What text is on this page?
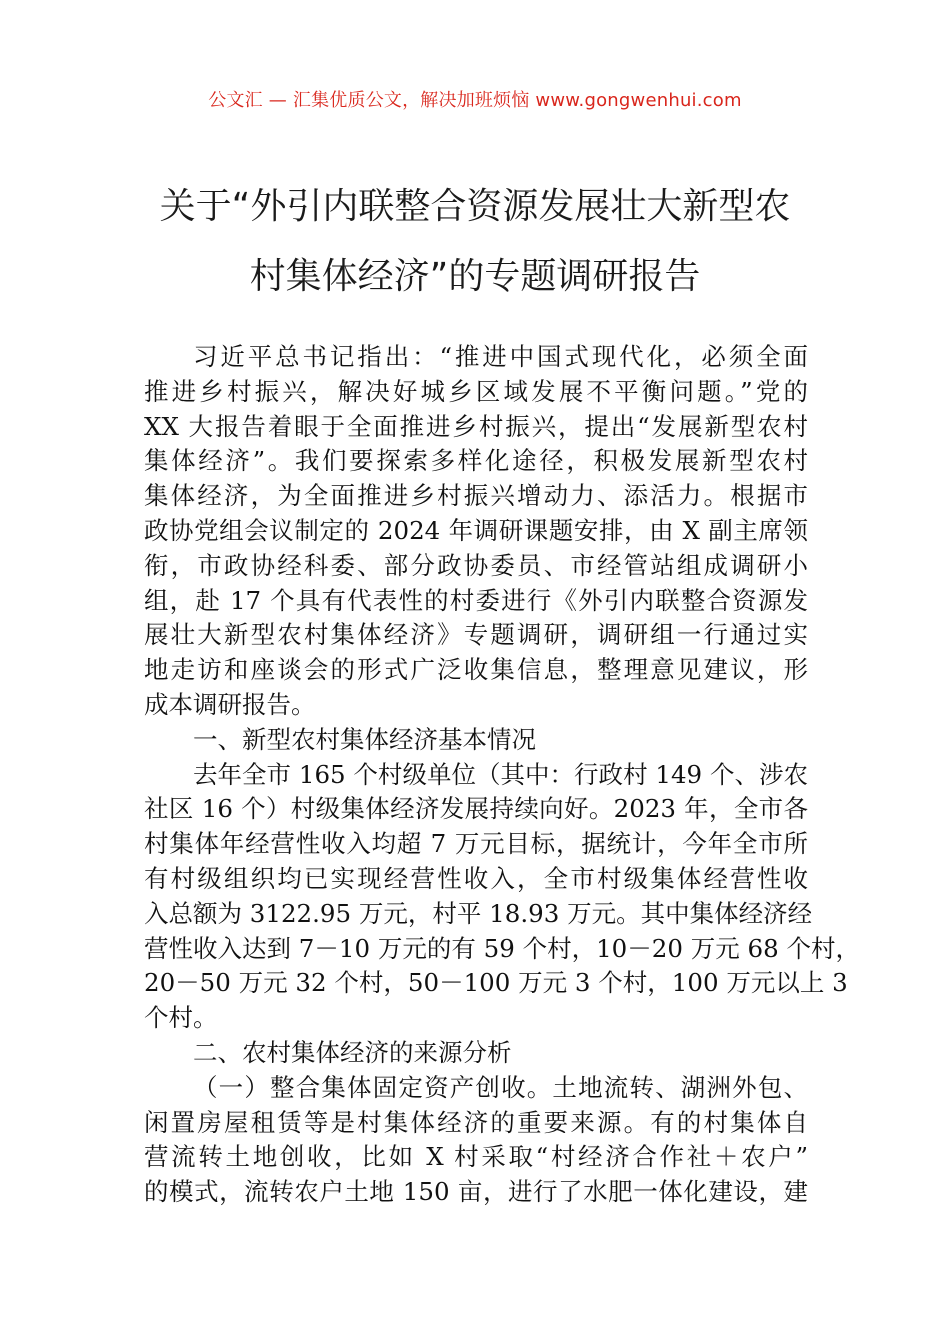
公文汇 — 汇集优质公文，解决加班烦恼 www.gongwenhui.com
关于“外引内联整合资源发展壮大新型农
村集体经济”的专题调研报告
习近平总书记指出：“推进中国式现代化，必须全面
推进乡村振兴，解决好城乡区域发展不平衡问题。”党的
XX 大报告着眼于全面推进乡村振兴，提出“发展新型农村
集体经济”。我们要探索多样化途径，积极发展新型农村
集体经济，为全面推进乡村振兴增动力、添活力。根据市
政协党组会议制定的 2024 年调研课题安排，由 X 副主席领
衔，市政协经科委、部分政协委员、市经管站组成调研小
组，赴 17 个具有代表性的村委进行《外引内联整合资源发
展壮大新型农村集体经济》专题调研，调研组一行通过实
地走访和座谈会的形式广泛收集信息，整理意见建议，形
成本调研报告。
一、新型农村集体经济基本情况
去年全市 165 个村级单位（其中：行政村 149 个、涉农
社区 16 个）村级集体经济发展持续向好。2023 年，全市各
村集体年经营性收入均超 7 万元目标，据统计，今年全市所
有村级组织均已实现经营性收入，全市村级集体经营性收
入总额为 3122.95 万元，村平 18.93 万元。其中集体经济经
营性收入达到 7－10 万元的有 59 个村，10－20 万元 68 个村，
20－50 万元 32 个村，50－100 万元 3 个村，100 万元以上 3
个村。
二、农村集体经济的来源分析
（一）整合集体固定资产创收。土地流转、湖洲外包、
闲置房屋租赁等是村集体经济的重要来源。有的村集体自
营流转土地创收，比如 X 村采取“村经济合作社＋农户”
的模式，流转农户土地 150 亩，进行了水肥一体化建设，建
